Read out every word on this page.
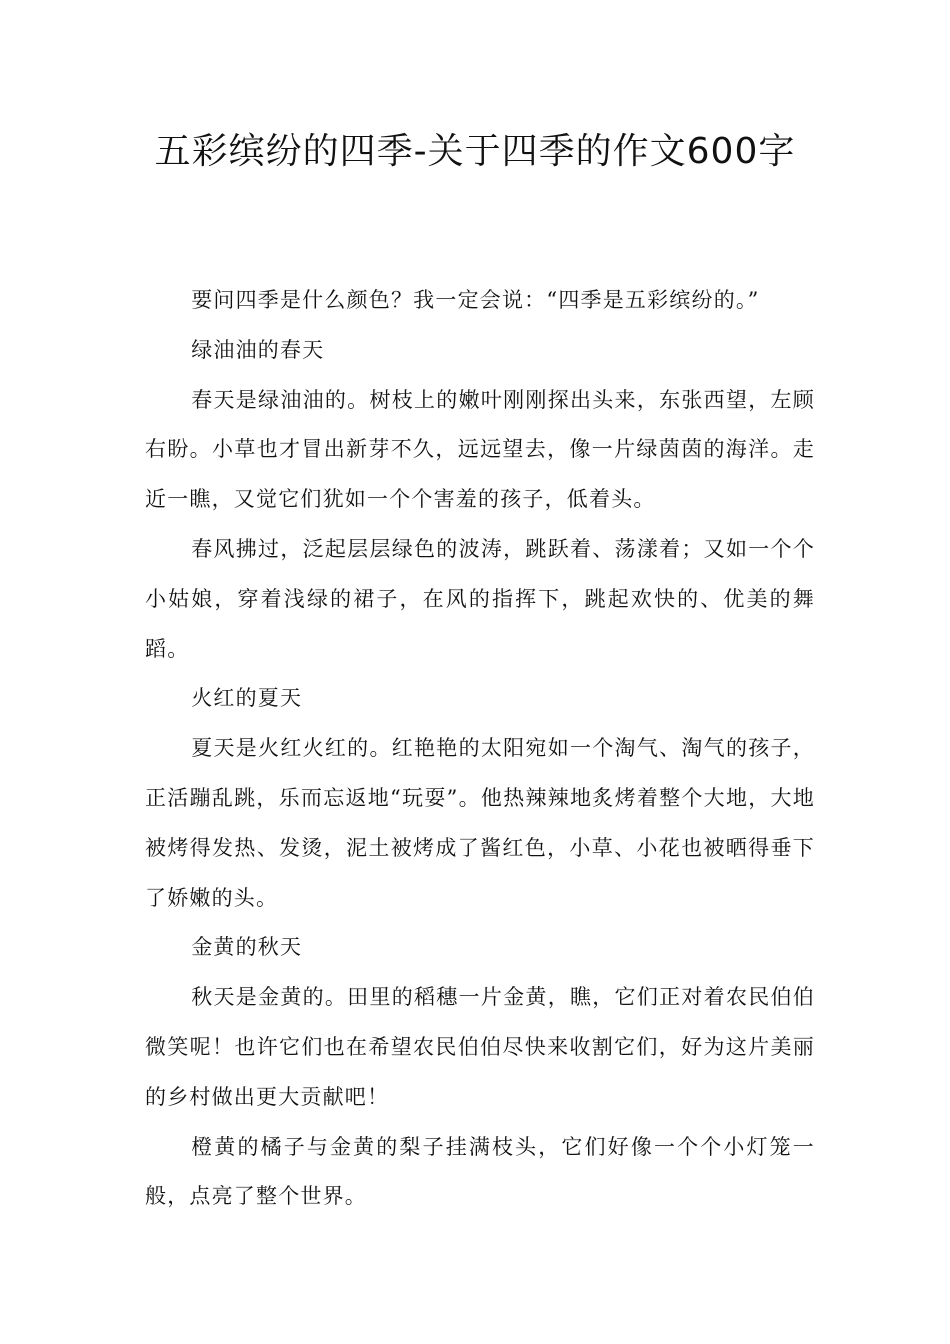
五彩缤纷的四季-关于四季的作文600字

要问四季是什么颜色？我一定会说：“四季是五彩缤纷的。”

绿油油的春天

春天是绿油油的。树枝上的嫩叶刚刚探出头来，东张西望，左顾右盼。小草也才冒出新芽不久，远远望去，像一片绿茵茵的海洋。走近一瞧，又觉它们犹如一个个害羞的孩子，低着头。

春风拂过，泛起层层绿色的波涛，跳跃着、荡漾着；又如一个个小姑娘，穿着浅绿的裙子，在风的指挥下，跳起欢快的、优美的舞蹈。

火红的夏天

夏天是火红火红的。红艳艳的太阳宛如一个淘气、淘气的孩子，正活蹦乱跳，乐而忘返地“玩耍”。他热辣辣地炙烤着整个大地，大地被烤得发热、发烫，泥土被烤成了酱红色，小草、小花也被晒得垂下了娇嫩的头。

金黄的秋天

秋天是金黄的。田里的稻穗一片金黄，瞧，它们正对着农民伯伯微笑呢！也许它们也在希望农民伯伯尽快来收割它们，好为这片美丽的乡村做出更大贡献吧！

橙黄的橘子与金黄的梨子挂满枝头，它们好像一个个小灯笼一般，点亮了整个世界。
